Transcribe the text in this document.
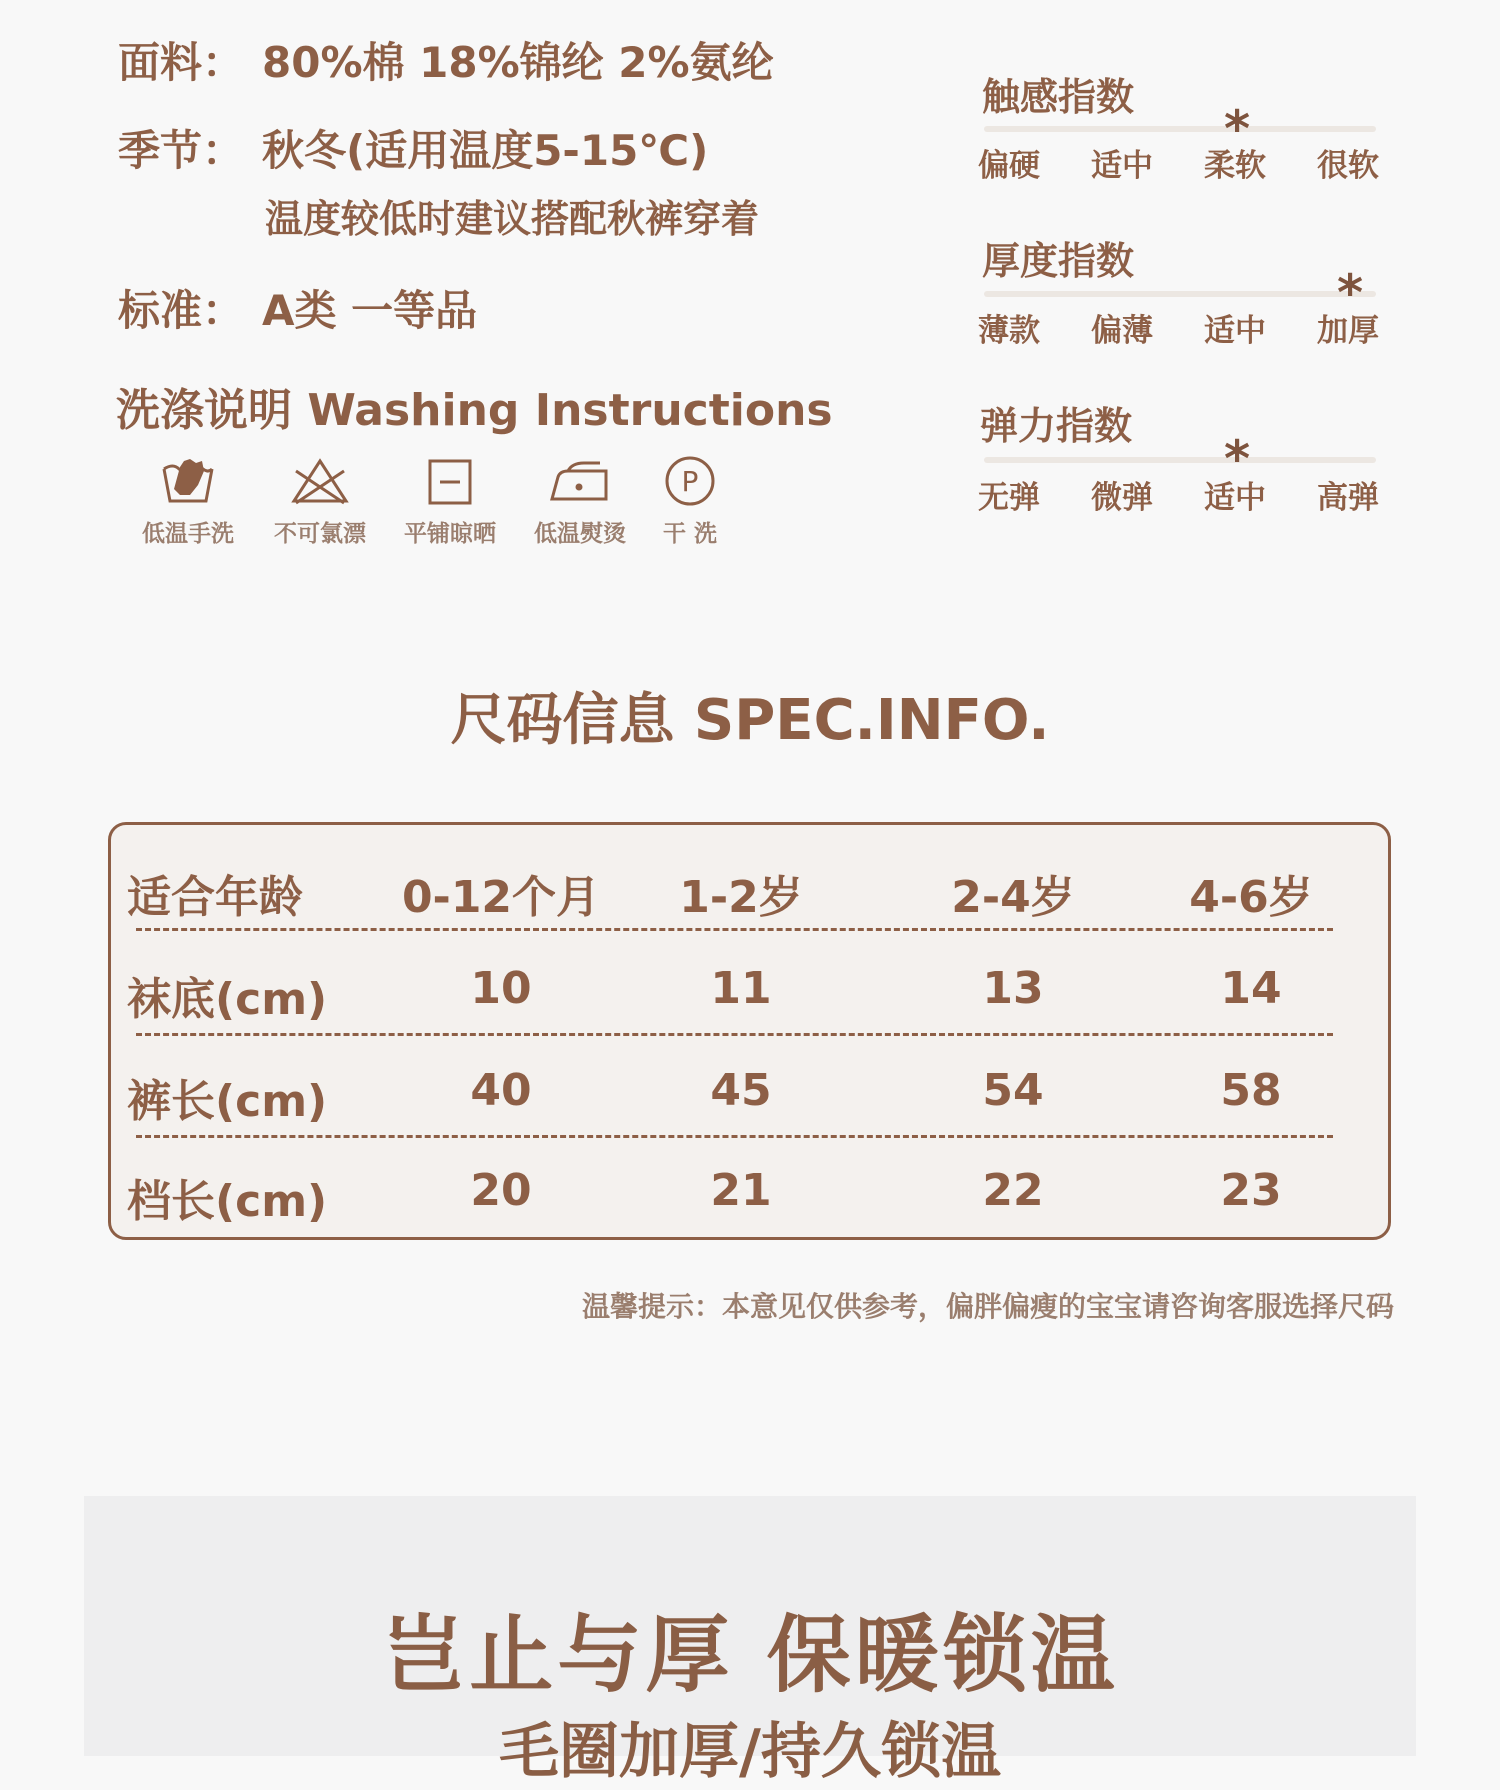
面料： 80%棉 18%锦纶 2%氨纶
季节： 秋冬(适用温度5-15℃)
温度较低时建议搭配秋裤穿着
标准： A类 一等品
洗涤说明 Washing Instructions
低温手洗	不可氯漂	平铺晾晒	低温熨烫
P
干 洗
触感指数
*
偏硬	适中	柔软	很软
厚度指数
*
薄款	偏薄	适中	加厚
弹力指数
*
无弹	微弹	适中	高弹
尺码信息 SPEC.INFO.
适合年龄 0-12个月	1-2岁	2-4岁	4-6岁
袜底(cm)	10	11	13	14
裤长(cm)	40	45	54	58
档长(cm)	20	21	22	23
温馨提示：本意见仅供参考，偏胖偏瘦的宝宝请咨询客服选择尺码
岂止与厚 保暖锁温
毛圈加厚/持久锁温
